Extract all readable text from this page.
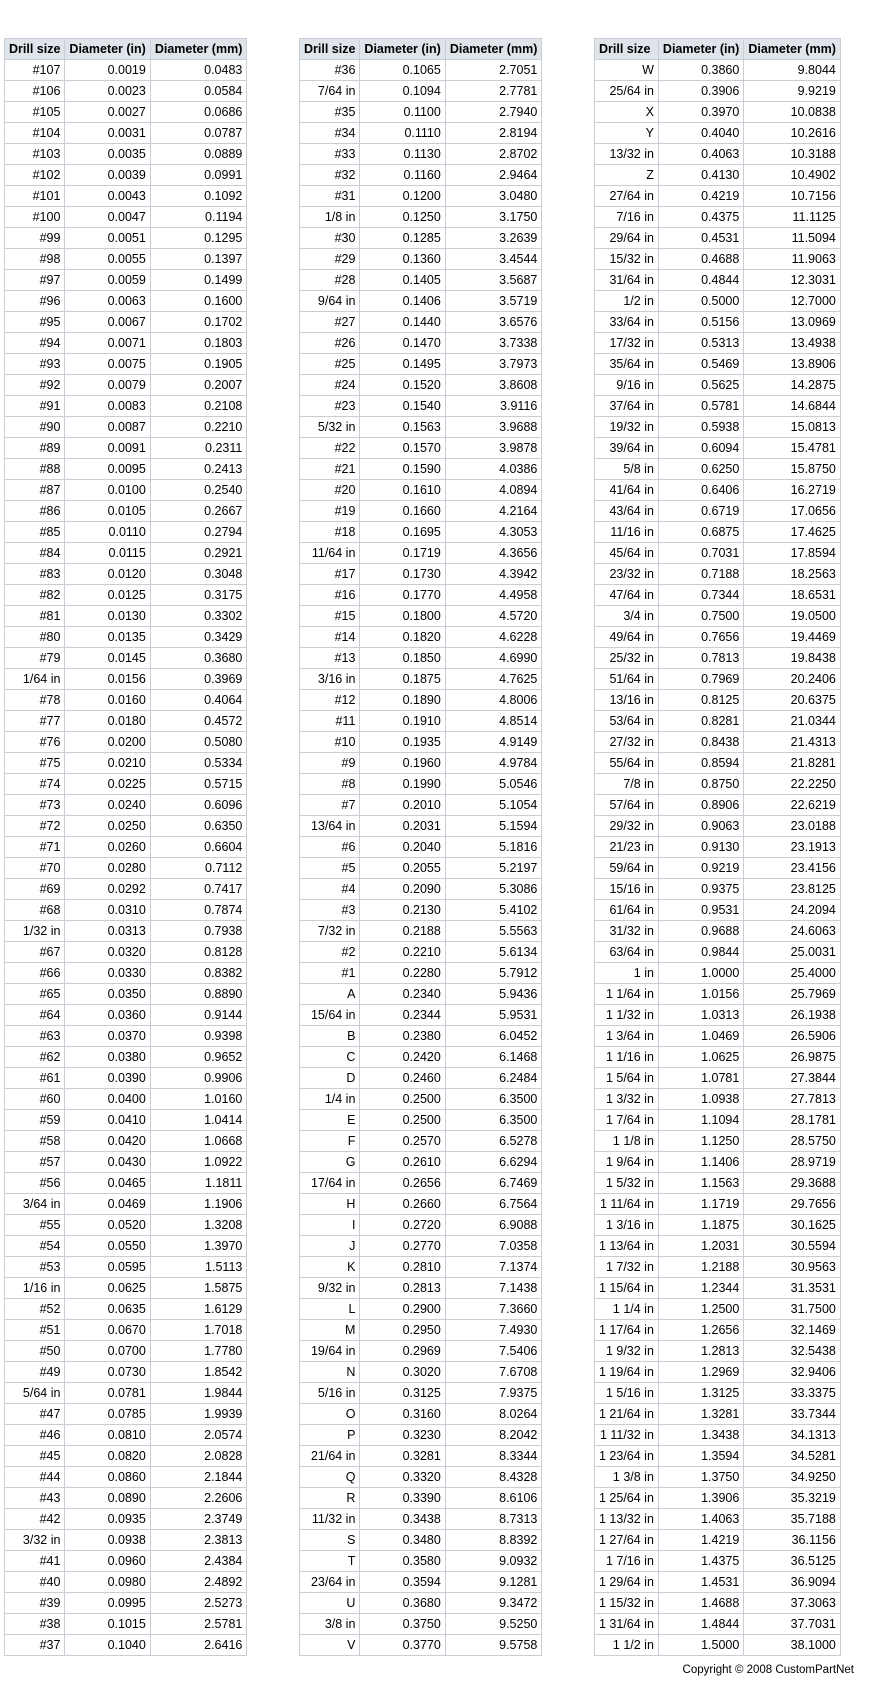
Drill size	Diameter (in)	Diameter (mm)
#107	0.0019	0.0483
#106	0.0023	0.0584
#105	0.0027	0.0686
#104	0.0031	0.0787
#103	0.0035	0.0889
#102	0.0039	0.0991
#101	0.0043	0.1092
#100	0.0047	0.1194
#99	0.0051	0.1295
#98	0.0055	0.1397
#97	0.0059	0.1499
#96	0.0063	0.1600
#95	0.0067	0.1702
#94	0.0071	0.1803
#93	0.0075	0.1905
#92	0.0079	0.2007
#91	0.0083	0.2108
#90	0.0087	0.2210
#89	0.0091	0.2311
#88	0.0095	0.2413
#87	0.0100	0.2540
#86	0.0105	0.2667
#85	0.0110	0.2794
#84	0.0115	0.2921
#83	0.0120	0.3048
#82	0.0125	0.3175
#81	0.0130	0.3302
#80	0.0135	0.3429
#79	0.0145	0.3680
1/64 in	0.0156	0.3969
#78	0.0160	0.4064
#77	0.0180	0.4572
#76	0.0200	0.5080
#75	0.0210	0.5334
#74	0.0225	0.5715
#73	0.0240	0.6096
#72	0.0250	0.6350
#71	0.0260	0.6604
#70	0.0280	0.7112
#69	0.0292	0.7417
#68	0.0310	0.7874
1/32 in	0.0313	0.7938
#67	0.0320	0.8128
#66	0.0330	0.8382
#65	0.0350	0.8890
#64	0.0360	0.9144
#63	0.0370	0.9398
#62	0.0380	0.9652
#61	0.0390	0.9906
#60	0.0400	1.0160
#59	0.0410	1.0414
#58	0.0420	1.0668
#57	0.0430	1.0922
#56	0.0465	1.1811
3/64 in	0.0469	1.1906
#55	0.0520	1.3208
#54	0.0550	1.3970
#53	0.0595	1.5113
1/16 in	0.0625	1.5875
#52	0.0635	1.6129
#51	0.0670	1.7018
#50	0.0700	1.7780
#49	0.0730	1.8542
5/64 in	0.0781	1.9844
#47	0.0785	1.9939
#46	0.0810	2.0574
#45	0.0820	2.0828
#44	0.0860	2.1844
#43	0.0890	2.2606
#42	0.0935	2.3749
3/32 in	0.0938	2.3813
#41	0.0960	2.4384
#40	0.0980	2.4892
#39	0.0995	2.5273
#38	0.1015	2.5781
#37	0.1040	2.6416
Drill size	Diameter (in)	Diameter (mm)
#36	0.1065	2.7051
7/64 in	0.1094	2.7781
#35	0.1100	2.7940
#34	0.1110	2.8194
#33	0.1130	2.8702
#32	0.1160	2.9464
#31	0.1200	3.0480
1/8 in	0.1250	3.1750
#30	0.1285	3.2639
#29	0.1360	3.4544
#28	0.1405	3.5687
9/64 in	0.1406	3.5719
#27	0.1440	3.6576
#26	0.1470	3.7338
#25	0.1495	3.7973
#24	0.1520	3.8608
#23	0.1540	3.9116
5/32 in	0.1563	3.9688
#22	0.1570	3.9878
#21	0.1590	4.0386
#20	0.1610	4.0894
#19	0.1660	4.2164
#18	0.1695	4.3053
11/64 in	0.1719	4.3656
#17	0.1730	4.3942
#16	0.1770	4.4958
#15	0.1800	4.5720
#14	0.1820	4.6228
#13	0.1850	4.6990
3/16 in	0.1875	4.7625
#12	0.1890	4.8006
#11	0.1910	4.8514
#10	0.1935	4.9149
#9	0.1960	4.9784
#8	0.1990	5.0546
#7	0.2010	5.1054
13/64 in	0.2031	5.1594
#6	0.2040	5.1816
#5	0.2055	5.2197
#4	0.2090	5.3086
#3	0.2130	5.4102
7/32 in	0.2188	5.5563
#2	0.2210	5.6134
#1	0.2280	5.7912
A	0.2340	5.9436
15/64 in	0.2344	5.9531
B	0.2380	6.0452
C	0.2420	6.1468
D	0.2460	6.2484
1/4 in	0.2500	6.3500
E	0.2500	6.3500
F	0.2570	6.5278
G	0.2610	6.6294
17/64 in	0.2656	6.7469
H	0.2660	6.7564
I	0.2720	6.9088
J	0.2770	7.0358
K	0.2810	7.1374
9/32 in	0.2813	7.1438
L	0.2900	7.3660
M	0.2950	7.4930
19/64 in	0.2969	7.5406
N	0.3020	7.6708
5/16 in	0.3125	7.9375
O	0.3160	8.0264
P	0.3230	8.2042
21/64 in	0.3281	8.3344
Q	0.3320	8.4328
R	0.3390	8.6106
11/32 in	0.3438	8.7313
S	0.3480	8.8392
T	0.3580	9.0932
23/64 in	0.3594	9.1281
U	0.3680	9.3472
3/8 in	0.3750	9.5250
V	0.3770	9.5758
Drill size	Diameter (in)	Diameter (mm)
W	0.3860	9.8044
25/64 in	0.3906	9.9219
X	0.3970	10.0838
Y	0.4040	10.2616
13/32 in	0.4063	10.3188
Z	0.4130	10.4902
27/64 in	0.4219	10.7156
7/16 in	0.4375	11.1125
29/64 in	0.4531	11.5094
15/32 in	0.4688	11.9063
31/64 in	0.4844	12.3031
1/2 in	0.5000	12.7000
33/64 in	0.5156	13.0969
17/32 in	0.5313	13.4938
35/64 in	0.5469	13.8906
9/16 in	0.5625	14.2875
37/64 in	0.5781	14.6844
19/32 in	0.5938	15.0813
39/64 in	0.6094	15.4781
5/8 in	0.6250	15.8750
41/64 in	0.6406	16.2719
43/64 in	0.6719	17.0656
11/16 in	0.6875	17.4625
45/64 in	0.7031	17.8594
23/32 in	0.7188	18.2563
47/64 in	0.7344	18.6531
3/4 in	0.7500	19.0500
49/64 in	0.7656	19.4469
25/32 in	0.7813	19.8438
51/64 in	0.7969	20.2406
13/16 in	0.8125	20.6375
53/64 in	0.8281	21.0344
27/32 in	0.8438	21.4313
55/64 in	0.8594	21.8281
7/8 in	0.8750	22.2250
57/64 in	0.8906	22.6219
29/32 in	0.9063	23.0188
21/23 in	0.9130	23.1913
59/64 in	0.9219	23.4156
15/16 in	0.9375	23.8125
61/64 in	0.9531	24.2094
31/32 in	0.9688	24.6063
63/64 in	0.9844	25.0031
1 in	1.0000	25.4000
1 1/64 in	1.0156	25.7969
1 1/32 in	1.0313	26.1938
1 3/64 in	1.0469	26.5906
1 1/16 in	1.0625	26.9875
1 5/64 in	1.0781	27.3844
1 3/32 in	1.0938	27.7813
1 7/64 in	1.1094	28.1781
1 1/8 in	1.1250	28.5750
1 9/64 in	1.1406	28.9719
1 5/32 in	1.1563	29.3688
1 11/64 in	1.1719	29.7656
1 3/16 in	1.1875	30.1625
1 13/64 in	1.2031	30.5594
1 7/32 in	1.2188	30.9563
1 15/64 in	1.2344	31.3531
1 1/4 in	1.2500	31.7500
1 17/64 in	1.2656	32.1469
1 9/32 in	1.2813	32.5438
1 19/64 in	1.2969	32.9406
1 5/16 in	1.3125	33.3375
1 21/64 in	1.3281	33.7344
1 11/32 in	1.3438	34.1313
1 23/64 in	1.3594	34.5281
1 3/8 in	1.3750	34.9250
1 25/64 in	1.3906	35.3219
1 13/32 in	1.4063	35.7188
1 27/64 in	1.4219	36.1156
1 7/16 in	1.4375	36.5125
1 29/64 in	1.4531	36.9094
1 15/32 in	1.4688	37.3063
1 31/64 in	1.4844	37.7031
1 1/2 in	1.5000	38.1000
Copyright © 2008 CustomPartNet
